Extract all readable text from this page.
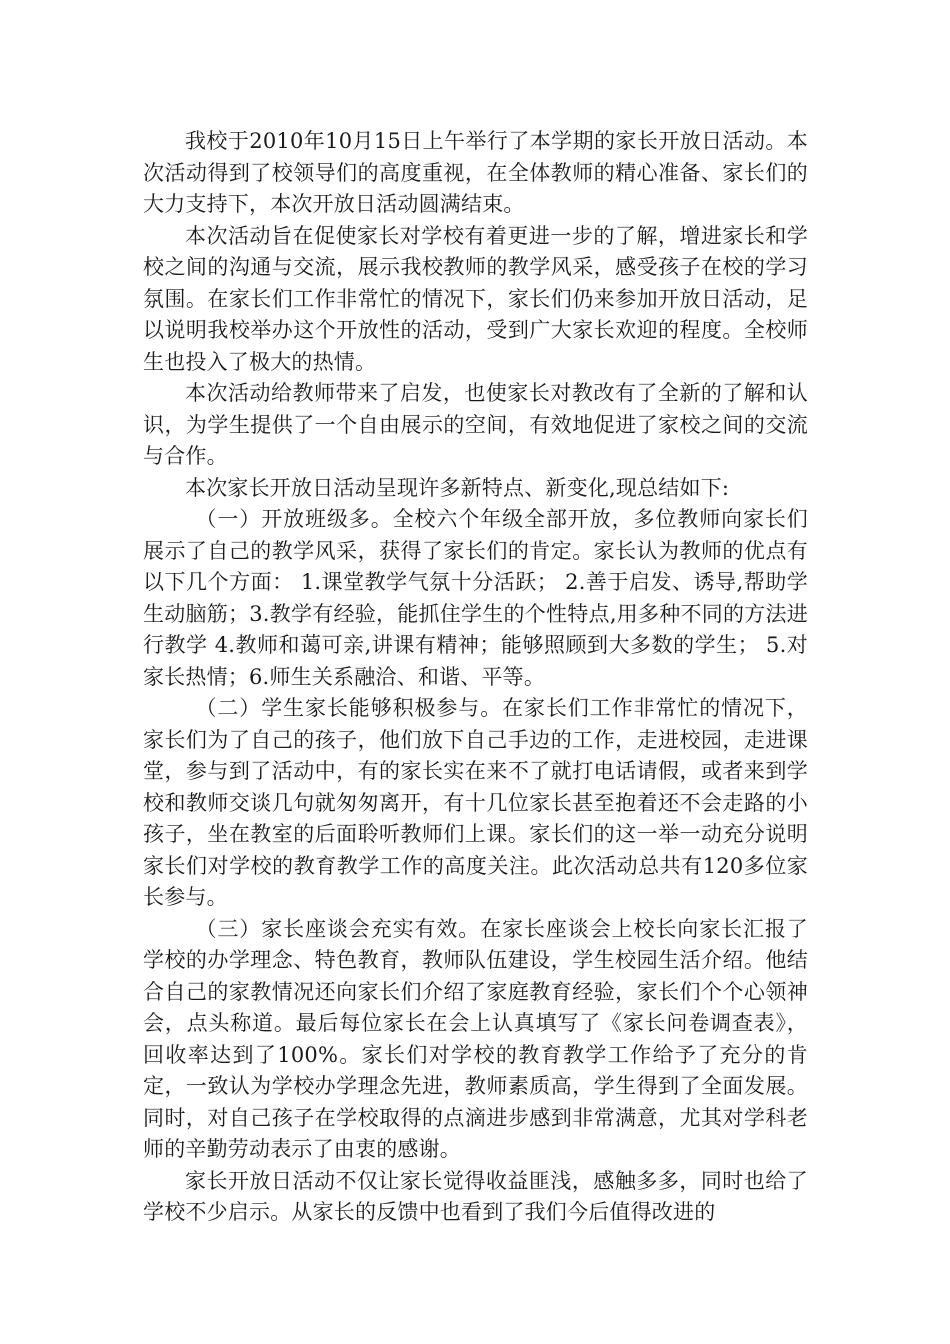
我校于2010年10月15日上午举行了本学期的家长开放日活动。本次活动得到了校领导们的高度重视，在全体教师的精心准备、家长们的大力支持下，本次开放日活动圆满结束。

本次活动旨在促使家长对学校有着更进一步的了解，增进家长和学校之间的沟通与交流，展示我校教师的教学风采，感受孩子在校的学习氛围。在家长们工作非常忙的情况下，家长们仍来参加开放日活动，足以说明我校举办这个开放性的活动，受到广大家长欢迎的程度。全校师生也投入了极大的热情。

本次活动给教师带来了启发，也使家长对教改有了全新的了解和认识，为学生提供了一个自由展示的空间，有效地促进了家校之间的交流与合作。

本次家长开放日活动呈现许多新特点、新变化,现总结如下:

（一）开放班级多。全校六个年级全部开放，多位教师向家长们展示了自己的教学风采，获得了家长们的肯定。家长认为教师的优点有以下几个方面： 1.课堂教学气氛十分活跃； 2.善于启发、诱导,帮助学生动脑筋；3.教学有经验，能抓住学生的个性特点,用多种不同的方法进行教学 4.教师和蔼可亲,讲课有精神；能够照顾到大多数的学生； 5.对家长热情；6.师生关系融洽、和谐、平等。

（二）学生家长能够积极参与。在家长们工作非常忙的情况下，家长们为了自己的孩子，他们放下自己手边的工作，走进校园，走进课堂，参与到了活动中，有的家长实在来不了就打电话请假，或者来到学校和教师交谈几句就匆匆离开，有十几位家长甚至抱着还不会走路的小孩子，坐在教室的后面聆听教师们上课。家长们的这一举一动充分说明家长们对学校的教育教学工作的高度关注。此次活动总共有120多位家长参与。

（三）家长座谈会充实有效。在家长座谈会上校长向家长汇报了学校的办学理念、特色教育，教师队伍建设，学生校园生活介绍。他结合自己的家教情况还向家长们介绍了家庭教育经验，家长们个个心领神会，点头称道。最后每位家长在会上认真填写了《家长问卷调查表》，回收率达到了100%。家长们对学校的教育教学工作给予了充分的肯定，一致认为学校办学理念先进，教师素质高，学生得到了全面发展。同时，对自己孩子在学校取得的点滴进步感到非常满意，尤其对学科老师的辛勤劳动表示了由衷的感谢。

家长开放日活动不仅让家长觉得收益匪浅，感触多多，同时也给了学校不少启示。从家长的反馈中也看到了我们今后值得改进的
